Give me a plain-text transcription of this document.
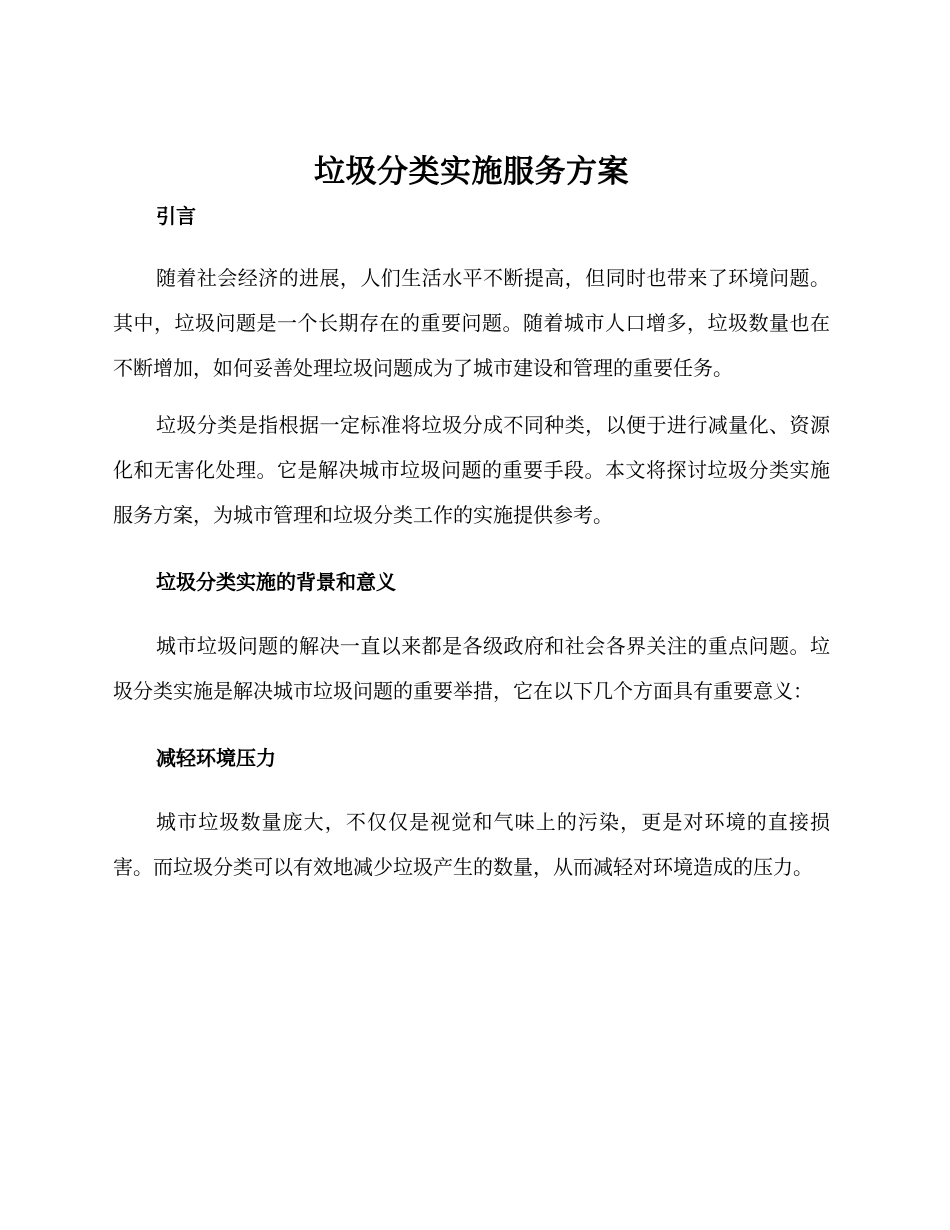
垃圾分类实施服务方案
引言

随着社会经济的进展，人们生活水平不断提高，但同时也带来了环境问题。其中，垃圾问题是一个长期存在的重要问题。随着城市人口增多，垃圾数量也在不断增加，如何妥善处理垃圾问题成为了城市建设和管理的重要任务。

垃圾分类是指根据一定标准将垃圾分成不同种类，以便于进行减量化、资源化和无害化处理。它是解决城市垃圾问题的重要手段。本文将探讨垃圾分类实施服务方案，为城市管理和垃圾分类工作的实施提供参考。

垃圾分类实施的背景和意义

城市垃圾问题的解决一直以来都是各级政府和社会各界关注的重点问题。垃圾分类实施是解决城市垃圾问题的重要举措，它在以下几个方面具有重要意义：

减轻环境压力

城市垃圾数量庞大，不仅仅是视觉和气味上的污染，更是对环境的直接损害。而垃圾分类可以有效地减少垃圾产生的数量，从而减轻对环境造成的压力。
